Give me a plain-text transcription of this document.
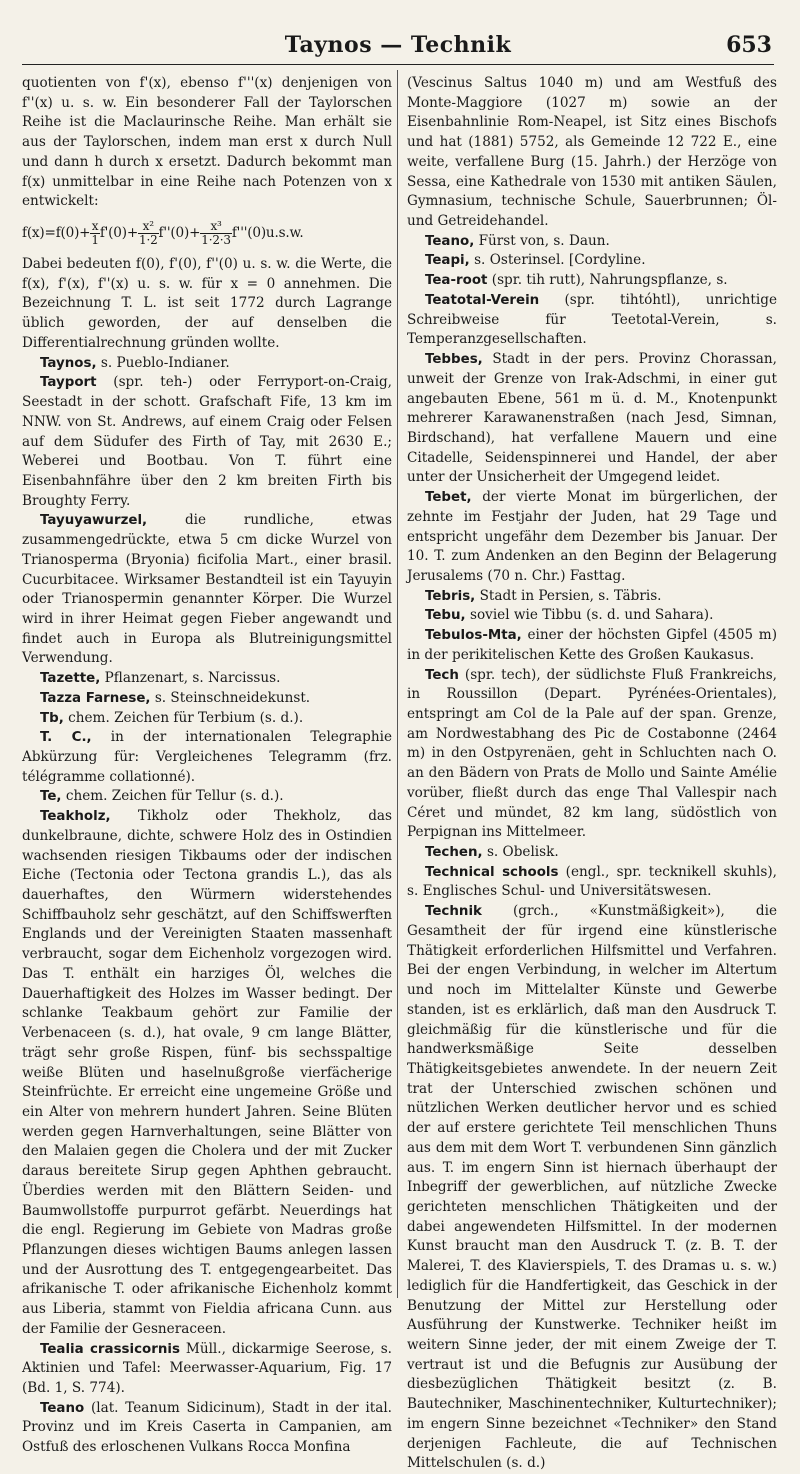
Taynos — Technik	653

quotienten von f'(x), ebenso f'''(x) denjenigen von f''(x) u. s. w. Ein besonderer Fall der Taylorschen Reihe ist die Maclaurinsche Reihe. Man erhält sie aus der Taylorschen, indem man erst x durch Null und dann h durch x ersetzt. Dadurch bekommt man f(x) unmittelbar in eine Reihe nach Potenzen von x entwickelt:

$f(x)=f(0)+ \frac{x}{1} f'(0)+ \frac{\text{x²}}{1\cdot 2} f''(0)+ \frac{\text{x³}}{1\cdot 2\cdot 3} f'''(0)u.s.w$.

Dabei bedeuten f(0), f'(0), f''(0) u. s. w. die Werte, die f(x), f'(x), f''(x) u. s. w. für x = 0 annehmen. Die Bezeichnung T. L. ist seit 1772 durch Lagrange üblich geworden, der auf denselben die Differentialrechnung gründen wollte.

Taynos, s. Pueblo-Indianer.

Tayport (spr. teh-) oder Ferryport-on-Craig, Seestadt in der schott. Grafschaft Fife, 13 km im NNW. von St. Andrews, auf einem Craig oder Felsen auf dem Südufer des Firth of Tay, mit 2630 E.; Weberei und Bootbau. Von T. führt eine Eisenbahnfähre über den 2 km breiten Firth bis Broughty Ferry.

Tayuyawurzel,	die rundliche, etwas zusammengedrückte, etwa 5 cm dicke Wurzel von Trianosperma (Bryonia) ficifolia Mart., einer brasil. Cucurbitacee. Wirksamer Bestandteil ist ein Tayuyin oder Trianospermin genannter Körper. Die Wurzel wird in ihrer Heimat gegen Fieber angewandt und findet auch in Europa als Blutreinigungsmittel Verwendung.

Tazette, Pflanzenart, s. Narcissus.

Tazza Farnese, s. Steinschneidekunst.

Tb, chem. Zeichen für Terbium (s. d.).

T. C., in der internationalen Telegraphie Abkürzung für: Vergleichenes Telegramm (frz. télégramme collationné).

Te, chem. Zeichen für Tellur (s. d.).

Teakholz, Tikholz oder Thekholz, das dunkelbraune, dichte, schwere Holz des in Ostindien wachsenden riesigen Tikbaums oder der indischen Eiche (Tectonia oder Tectona grandis L.), das als dauerhaftes, den Würmern widerstehendes Schiffbauholz sehr geschätzt, auf den Schiffswerften Englands und der Vereinigten Staaten massenhaft verbraucht, sogar dem Eichenholz vorgezogen wird. Das T. enthält ein harziges Öl, welches die Dauerhaftigkeit des Holzes im Wasser bedingt. Der schlanke Teakbaum gehört zur Familie der Verbenaceen (s. d.), hat ovale, 9 cm lange Blätter, trägt sehr große Rispen, fünf- bis sechsspaltige weiße Blüten und haselnußgroße vierfächerige Steinfrüchte. Er erreicht eine ungemeine Größe und ein Alter von mehrern hundert Jahren. Seine Blüten werden gegen Harnverhaltungen, seine Blätter von den Malaien gegen die Cholera und der mit Zucker daraus bereitete Sirup gegen Aphthen gebraucht. Überdies werden mit den Blättern Seiden- und Baumwollstoffe purpurrot gefärbt. Neuerdings hat die engl. Regierung im Gebiete von Madras große Pflanzungen dieses wichtigen Baums anlegen lassen und der Ausrottung des T. entgegengearbeitet. Das afrikanische T. oder afrikanische Eichenholz kommt aus Liberia, stammt von Fieldia africana Cunn. aus der Familie der Gesneraceen.

Tealia crassicornis Müll., dickarmige Seerose, s. Aktinien und Tafel: Meerwasser-Aquarium, Fig. 17 (Bd. 1, S. 774).

Teano (lat. Teanum Sidicinum), Stadt in der ital. Provinz und im Kreis Caserta in Campanien, am Ostfuß des erloschenen Vulkans Rocca Monfina

(Vescinus Saltus 1040 m) und am Westfuß des Monte-Maggiore (1027 m) sowie an der Eisenbahnlinie Rom-Neapel, ist Sitz eines Bischofs und hat (1881) 5752, als Gemeinde 12 722 E., eine weite, verfallene Burg (15. Jahrh.) der Herzöge von Sessa, eine Kathedrale von 1530 mit antiken Säulen, Gymnasium, technische Schule, Sauerbrunnen; Öl- und Getreidehandel.

Teano, Fürst von, s. Daun.

Teapi, s. Osterinsel. [Cordyline.

Tea-root (spr. tih rutt), Nahrungspflanze, s.

Teatotal-Verein (spr. tihtóhtl), unrichtige Schreibweise für Teetotal-Verein, s. Temperanzgesellschaften.

Tebbes, Stadt in der pers. Provinz Chorassan, unweit der Grenze von Irak-Adschmi, in einer gut angebauten Ebene, 561 m ü. d. M., Knotenpunkt mehrerer Karawanenstraßen (nach Jesd, Simnan, Birdschand), hat verfallene Mauern und eine Citadelle, Seidenspinnerei und Handel, der aber unter der Unsicherheit der Umgegend leidet.

Tebet, der vierte Monat im bürgerlichen, der zehnte im Festjahr der Juden, hat 29 Tage und entspricht ungefähr dem Dezember bis Januar. Der 10. T. zum Andenken an den Beginn der Belagerung Jerusalems (70 n. Chr.) Fasttag.

Tebris, Stadt in Persien, s. Täbris.

Tebu, soviel wie Tibbu (s. d. und Sahara).

Tebulos-Mta, einer der höchsten Gipfel (4505 m) in der perikitelischen Kette des Großen Kaukasus.

Tech (spr. tech), der südlichste Fluß Frankreichs, in Roussillon (Depart. Pyrénées-Orientales), entspringt am Col de la Pale auf der span. Grenze, am Nordwestabhang des Pic de Costabonne (2464 m) in den Ostpyrenäen, geht in Schluchten nach O. an den Bädern von Prats de Mollo und Sainte Amélie vorüber, fließt durch das enge Thal Vallespir nach Céret und mündet, 82 km lang, südöstlich von Perpignan ins Mittelmeer.

Techen, s. Obelisk.

Technical schools (engl., spr. tecknikell skuhls), s. Englisches Schul- und Universitätswesen.

Technik (grch., «Kunstmäßigkeit»), die Gesamtheit der für irgend eine künstlerische Thätigkeit erforderlichen Hilfsmittel und Verfahren. Bei der engen Verbindung, in welcher im Altertum und noch im Mittelalter Künste und Gewerbe standen, ist es erklärlich, daß man den Ausdruck T. gleichmäßig für die künstlerische und für die handwerksmäßige Seite desselben Thätigkeitsgebietes anwendete. In der neuern Zeit trat der Unterschied zwischen schönen und nützlichen Werken deutlicher hervor und es schied der auf erstere gerichtete Teil menschlichen Thuns aus dem mit dem Wort T. verbundenen Sinn gänzlich aus. T. im engern Sinn ist hiernach überhaupt der Inbegriff der gewerblichen, auf nützliche Zwecke gerichteten menschlichen Thätigkeiten und der dabei angewendeten Hilfsmittel. In der modernen Kunst braucht man den Ausdruck T. (z. B. T. der Malerei, T. des Klavierspiels, T. des Dramas u. s. w.) lediglich für die Handfertigkeit, das Geschick in der Benutzung der Mittel zur Herstellung oder Ausführung der Kunstwerke. Techniker heißt im weitern Sinne jeder, der mit einem Zweige der T. vertraut ist und die Befugnis zur Ausübung der diesbezüglichen Thätigkeit besitzt (z. B. Bautechniker, Maschinentechniker, Kulturtechniker); im engern Sinne bezeichnet «Techniker» den Stand derjenigen Fachleute, die auf Technischen Mittelschulen (s. d.)
